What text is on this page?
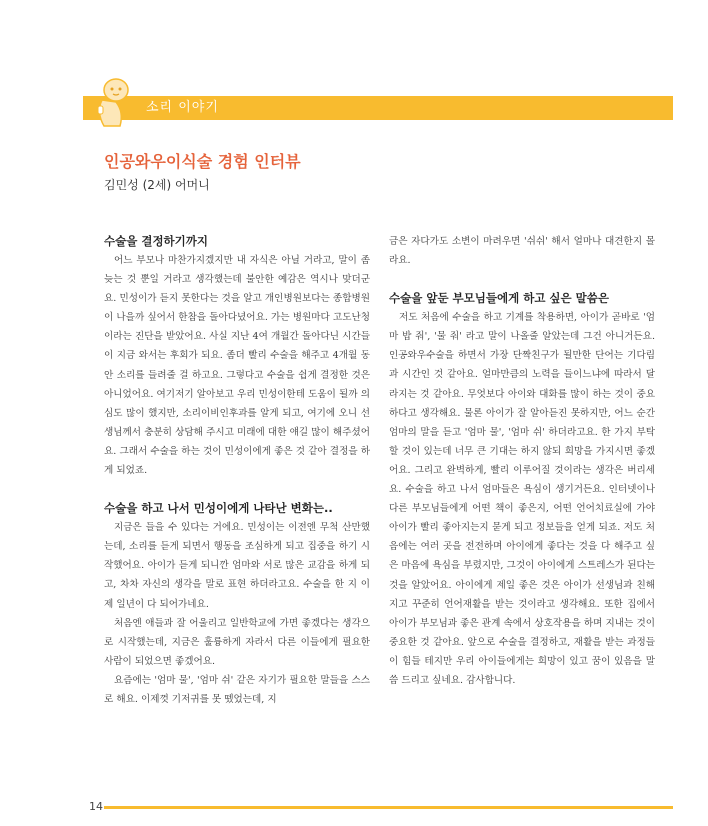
소리 이야기
인공와우이식술 경험 인터뷰
김민성 (2세) 어머니

수술을 결정하기까지

어느 부모나 마찬가지겠지만 내 자식은 아닐 거라고, 말이 좀 늦는 것 뿐일 거라고 생각했는데 불안한 예감은 역시나 맞더군요. 민성이가 듣지 못한다는 것을 알고 개인병원보다는 종합병원이 나을까 싶어서 한참을 돌아다녔어요. 가는 병원마다 고도난청이라는 진단을 받았어요. 사실 지난 4여 개월간 돌아다닌 시간들이 지금 와서는 후회가 되요. 좀더 빨리 수술을 해주고 4개월 동안 소리를 들려줄 걸 하고요. 그렇다고 수술을 쉽게 결정한 것은 아니었어요. 여기저기 알아보고 우리 민성이한테 도움이 될까 의심도 많이 했지만, 소리이비인후과를 알게 되고, 여기에 오니 선생님께서 충분히 상담해 주시고 미래에 대한 얘길 많이 해주셨어요. 그래서 수술을 하는 것이 민성이에게 좋은 것 같아 결정을 하게 되었죠.

수술을 하고 나서 민성이에게 나타난 변화는..

지금은 들을 수 있다는 거에요. 민성이는 이전엔 무척 산만했는데, 소리를 듣게 되면서 행동을 조심하게 되고 집중을 하기 시작했어요. 아이가 듣게 되니깐 엄마와 서로 많은 교감을 하게 되고, 차차 자신의 생각을 말로 표현 하더라고요. 수술을 한 지 이제 일년이 다 되어가네요.

처음엔 애들과 잘 어울리고 일반학교에 가면 좋겠다는 생각으로 시작했는데, 지금은 훌륭하게 자라서 다른 이들에게 필요한 사람이 되었으면 좋겠어요.

요즘에는 '엄마 물', '엄마 쉬' 같은 자기가 필요한 말들을 스스로 해요. 이제껏 기저귀를 못 뗐었는데, 지

금은 자다가도 소변이 마려우면 '쉬쉬' 해서 얼마나 대견한지 몰라요.

수술을 앞둔 부모님들에게 하고 싶은 말씀은

저도 처음에 수술을 하고 기계를 착용하면, 아이가 곧바로 '엄마 밥 줘', '물 줘' 라고 말이 나올줄 알았는데 그건 아니거든요. 인공와우수술을 하면서 가장 단짝친구가 될만한 단어는 기다림과 시간인 것 같아요. 얼마만큼의 노력을 들이느냐에 따라서 달라지는 것 같아요. 무엇보다 아이와 대화를 많이 하는 것이 중요하다고 생각해요. 물론 아이가 잘 알아듣진 못하지만, 어느 순간 엄마의 말을 듣고 '엄마 물', '엄마 쉬' 하더라고요. 한 가지 부탁할 것이 있는데 너무 큰 기대는 하지 않되 희망을 가지시면 좋겠어요. 그리고 완벽하게, 빨리 이루어질 것이라는 생각은 버리세요. 수술을 하고 나서 엄마들은 욕심이 생기거든요. 인터넷이나 다른 부모님들에게 어떤 책이 좋은지, 어떤 언어치료실에 가야 아이가 빨리 좋아지는지 묻게 되고 정보들을 얻게 되죠. 저도 처음에는 여러 곳을 전전하며 아이에게 좋다는 것을 다 해주고 싶은 마음에 욕심을 부렸지만, 그것이 아이에게 스트레스가 된다는 것을 알았어요. 아이에게 제일 좋은 것은 아이가 선생님과 친해지고 꾸준히 언어재활을 받는 것이라고 생각해요. 또한 집에서 아이가 부모님과 좋은 관계 속에서 상호작용을 하며 지내는 것이 중요한 것 같아요. 앞으로 수술을 결정하고, 재활을 받는 과정들이 힘들 테지만 우리 아이들에게는 희망이 있고 꿈이 있음을 말씀 드리고 싶네요. 감사합니다.

14
